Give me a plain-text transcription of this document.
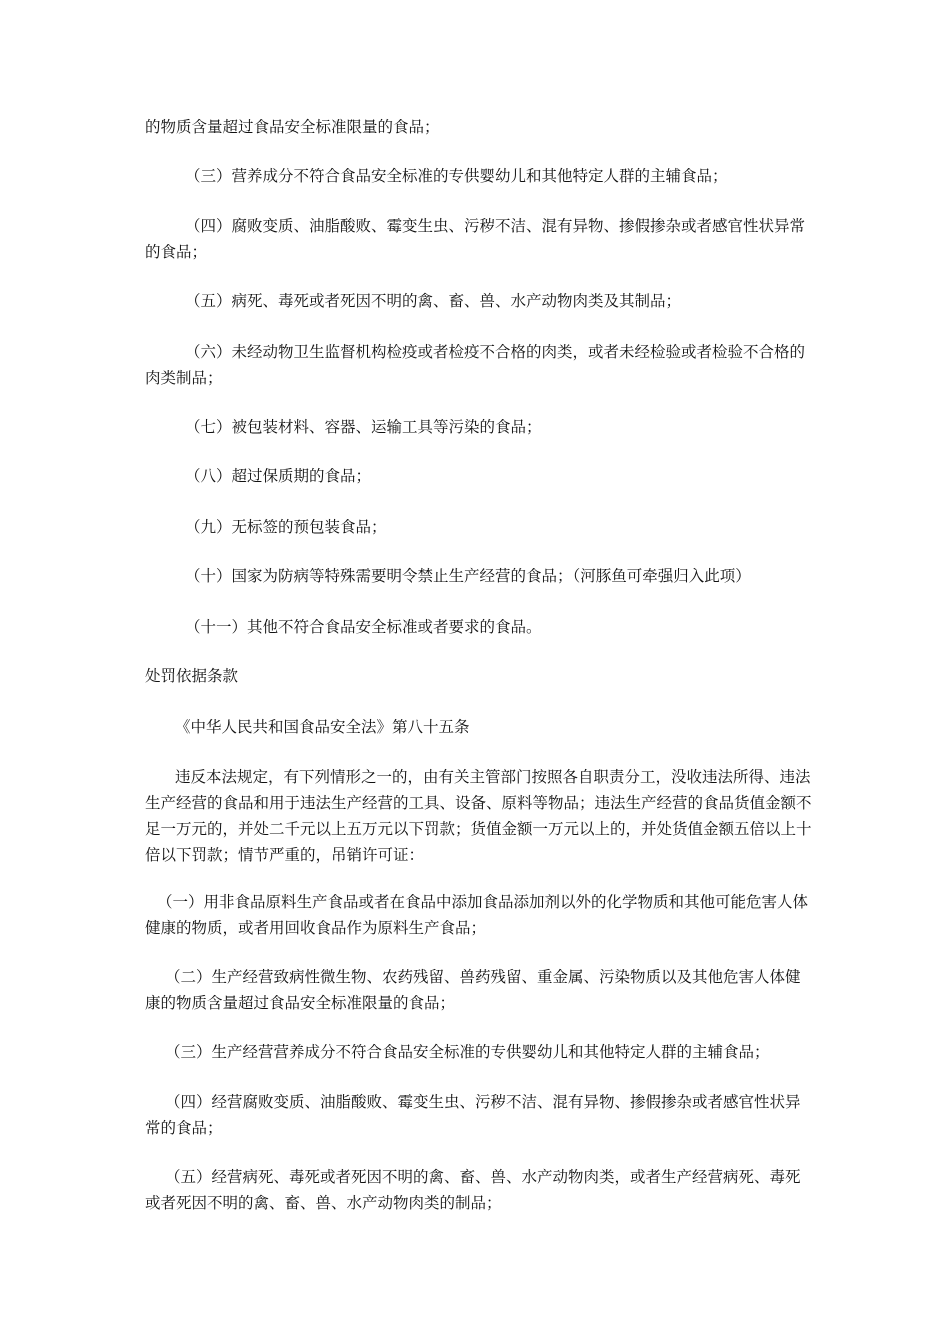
的物质含量超过食品安全标准限量的食品；

（三）营养成分不符合食品安全标准的专供婴幼儿和其他特定人群的主辅食品；

（四）腐败变质、油脂酸败、霉变生虫、污秽不洁、混有异物、掺假掺杂或者感官性状异常的食品；

（五）病死、毒死或者死因不明的禽、畜、兽、水产动物肉类及其制品；

（六）未经动物卫生监督机构检疫或者检疫不合格的肉类，或者未经检验或者检验不合格的肉类制品；

（七）被包装材料、容器、运输工具等污染的食品；

（八）超过保质期的食品；

（九）无标签的预包装食品；

（十）国家为防病等特殊需要明令禁止生产经营的食品；（河豚鱼可牵强归入此项）

（十一）其他不符合食品安全标准或者要求的食品。

处罚依据条款

《中华人民共和国食品安全法》第八十五条

违反本法规定，有下列情形之一的，由有关主管部门按照各自职责分工，没收违法所得、违法生产经营的食品和用于违法生产经营的工具、设备、原料等物品；违法生产经营的食品货值金额不足一万元的，并处二千元以上五万元以下罚款；货值金额一万元以上的，并处货值金额五倍以上十倍以下罚款；情节严重的，吊销许可证：

（一）用非食品原料生产食品或者在食品中添加食品添加剂以外的化学物质和其他可能危害人体健康的物质，或者用回收食品作为原料生产食品；

（二）生产经营致病性微生物、农药残留、兽药残留、重金属、污染物质以及其他危害人体健康的物质含量超过食品安全标准限量的食品；

（三）生产经营营养成分不符合食品安全标准的专供婴幼儿和其他特定人群的主辅食品；

（四）经营腐败变质、油脂酸败、霉变生虫、污秽不洁、混有异物、掺假掺杂或者感官性状异常的食品；

（五）经营病死、毒死或者死因不明的禽、畜、兽、水产动物肉类，或者生产经营病死、毒死或者死因不明的禽、畜、兽、水产动物肉类的制品；
